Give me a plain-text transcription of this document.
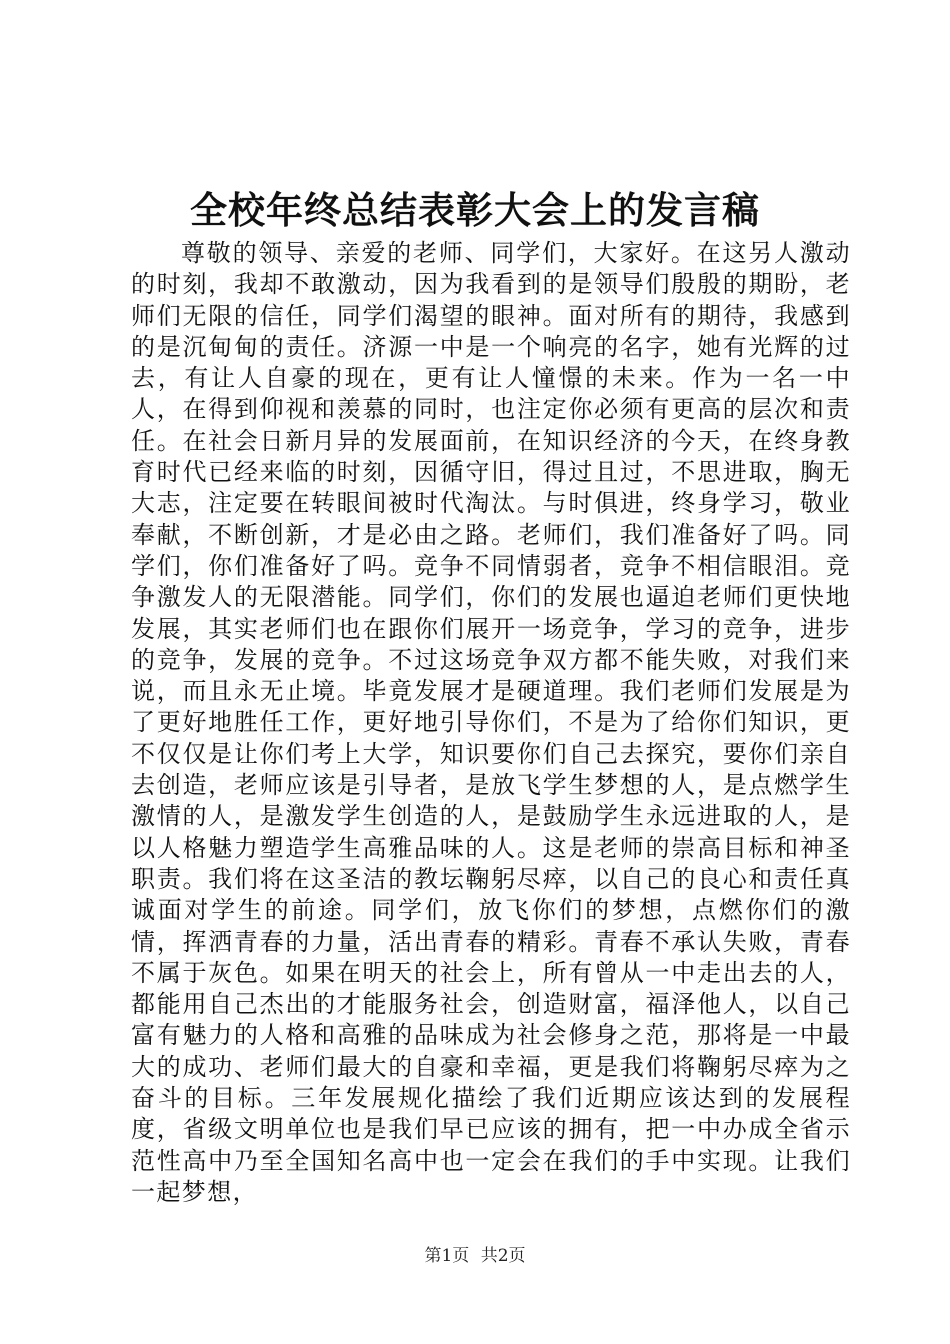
全校年终总结表彰大会上的发言稿

尊敬的领导、亲爱的老师、同学们，大家好。在这另人激动的时刻，我却不敢激动，因为我看到的是领导们殷殷的期盼，老师们无限的信任，同学们渴望的眼神。面对所有的期待，我感到的是沉甸甸的责任。济源一中是一个响亮的名字，她有光辉的过去，有让人自豪的现在，更有让人憧憬的未来。作为一名一中人，在得到仰视和羡慕的同时，也注定你必须有更高的层次和责任。在社会日新月异的发展面前，在知识经济的今天，在终身教育时代已经来临的时刻，因循守旧，得过且过，不思进取，胸无大志，注定要在转眼间被时代淘汰。与时俱进，终身学习，敬业奉献，不断创新，才是必由之路。老师们，我们准备好了吗。同学们，你们准备好了吗。竞争不同情弱者，竞争不相信眼泪。竞争激发人的无限潜能。同学们，你们的发展也逼迫老师们更快地发展，其实老师们也在跟你们展开一场竞争，学习的竞争，进步的竞争，发展的竞争。不过这场竞争双方都不能失败，对我们来说，而且永无止境。毕竟发展才是硬道理。我们老师们发展是为了更好地胜任工作，更好地引导你们，不是为了给你们知识，更不仅仅是让你们考上大学，知识要你们自己去探究，要你们亲自去创造，老师应该是引导者，是放飞学生梦想的人，是点燃学生激情的人，是激发学生创造的人，是鼓励学生永远进取的人，是以人格魅力塑造学生高雅品味的人。这是老师的崇高目标和神圣职责。我们将在这圣洁的教坛鞠躬尽瘁，以自己的良心和责任真诚面对学生的前途。同学们，放飞你们的梦想，点燃你们的激情，挥洒青春的力量，活出青春的精彩。青春不承认失败，青春不属于灰色。如果在明天的社会上，所有曾从一中走出去的人，都能用自己杰出的才能服务社会，创造财富，福泽他人，以自己富有魅力的人格和高雅的品味成为社会修身之范，那将是一中最大的成功、老师们最大的自豪和幸福，更是我们将鞠躬尽瘁为之奋斗的目标。三年发展规化描绘了我们近期应该达到的发展程度，省级文明单位也是我们早已应该的拥有，把一中办成全省示范性高中乃至全国知名高中也一定会在我们的手中实现。让我们一起梦想，

第1页 共2页
